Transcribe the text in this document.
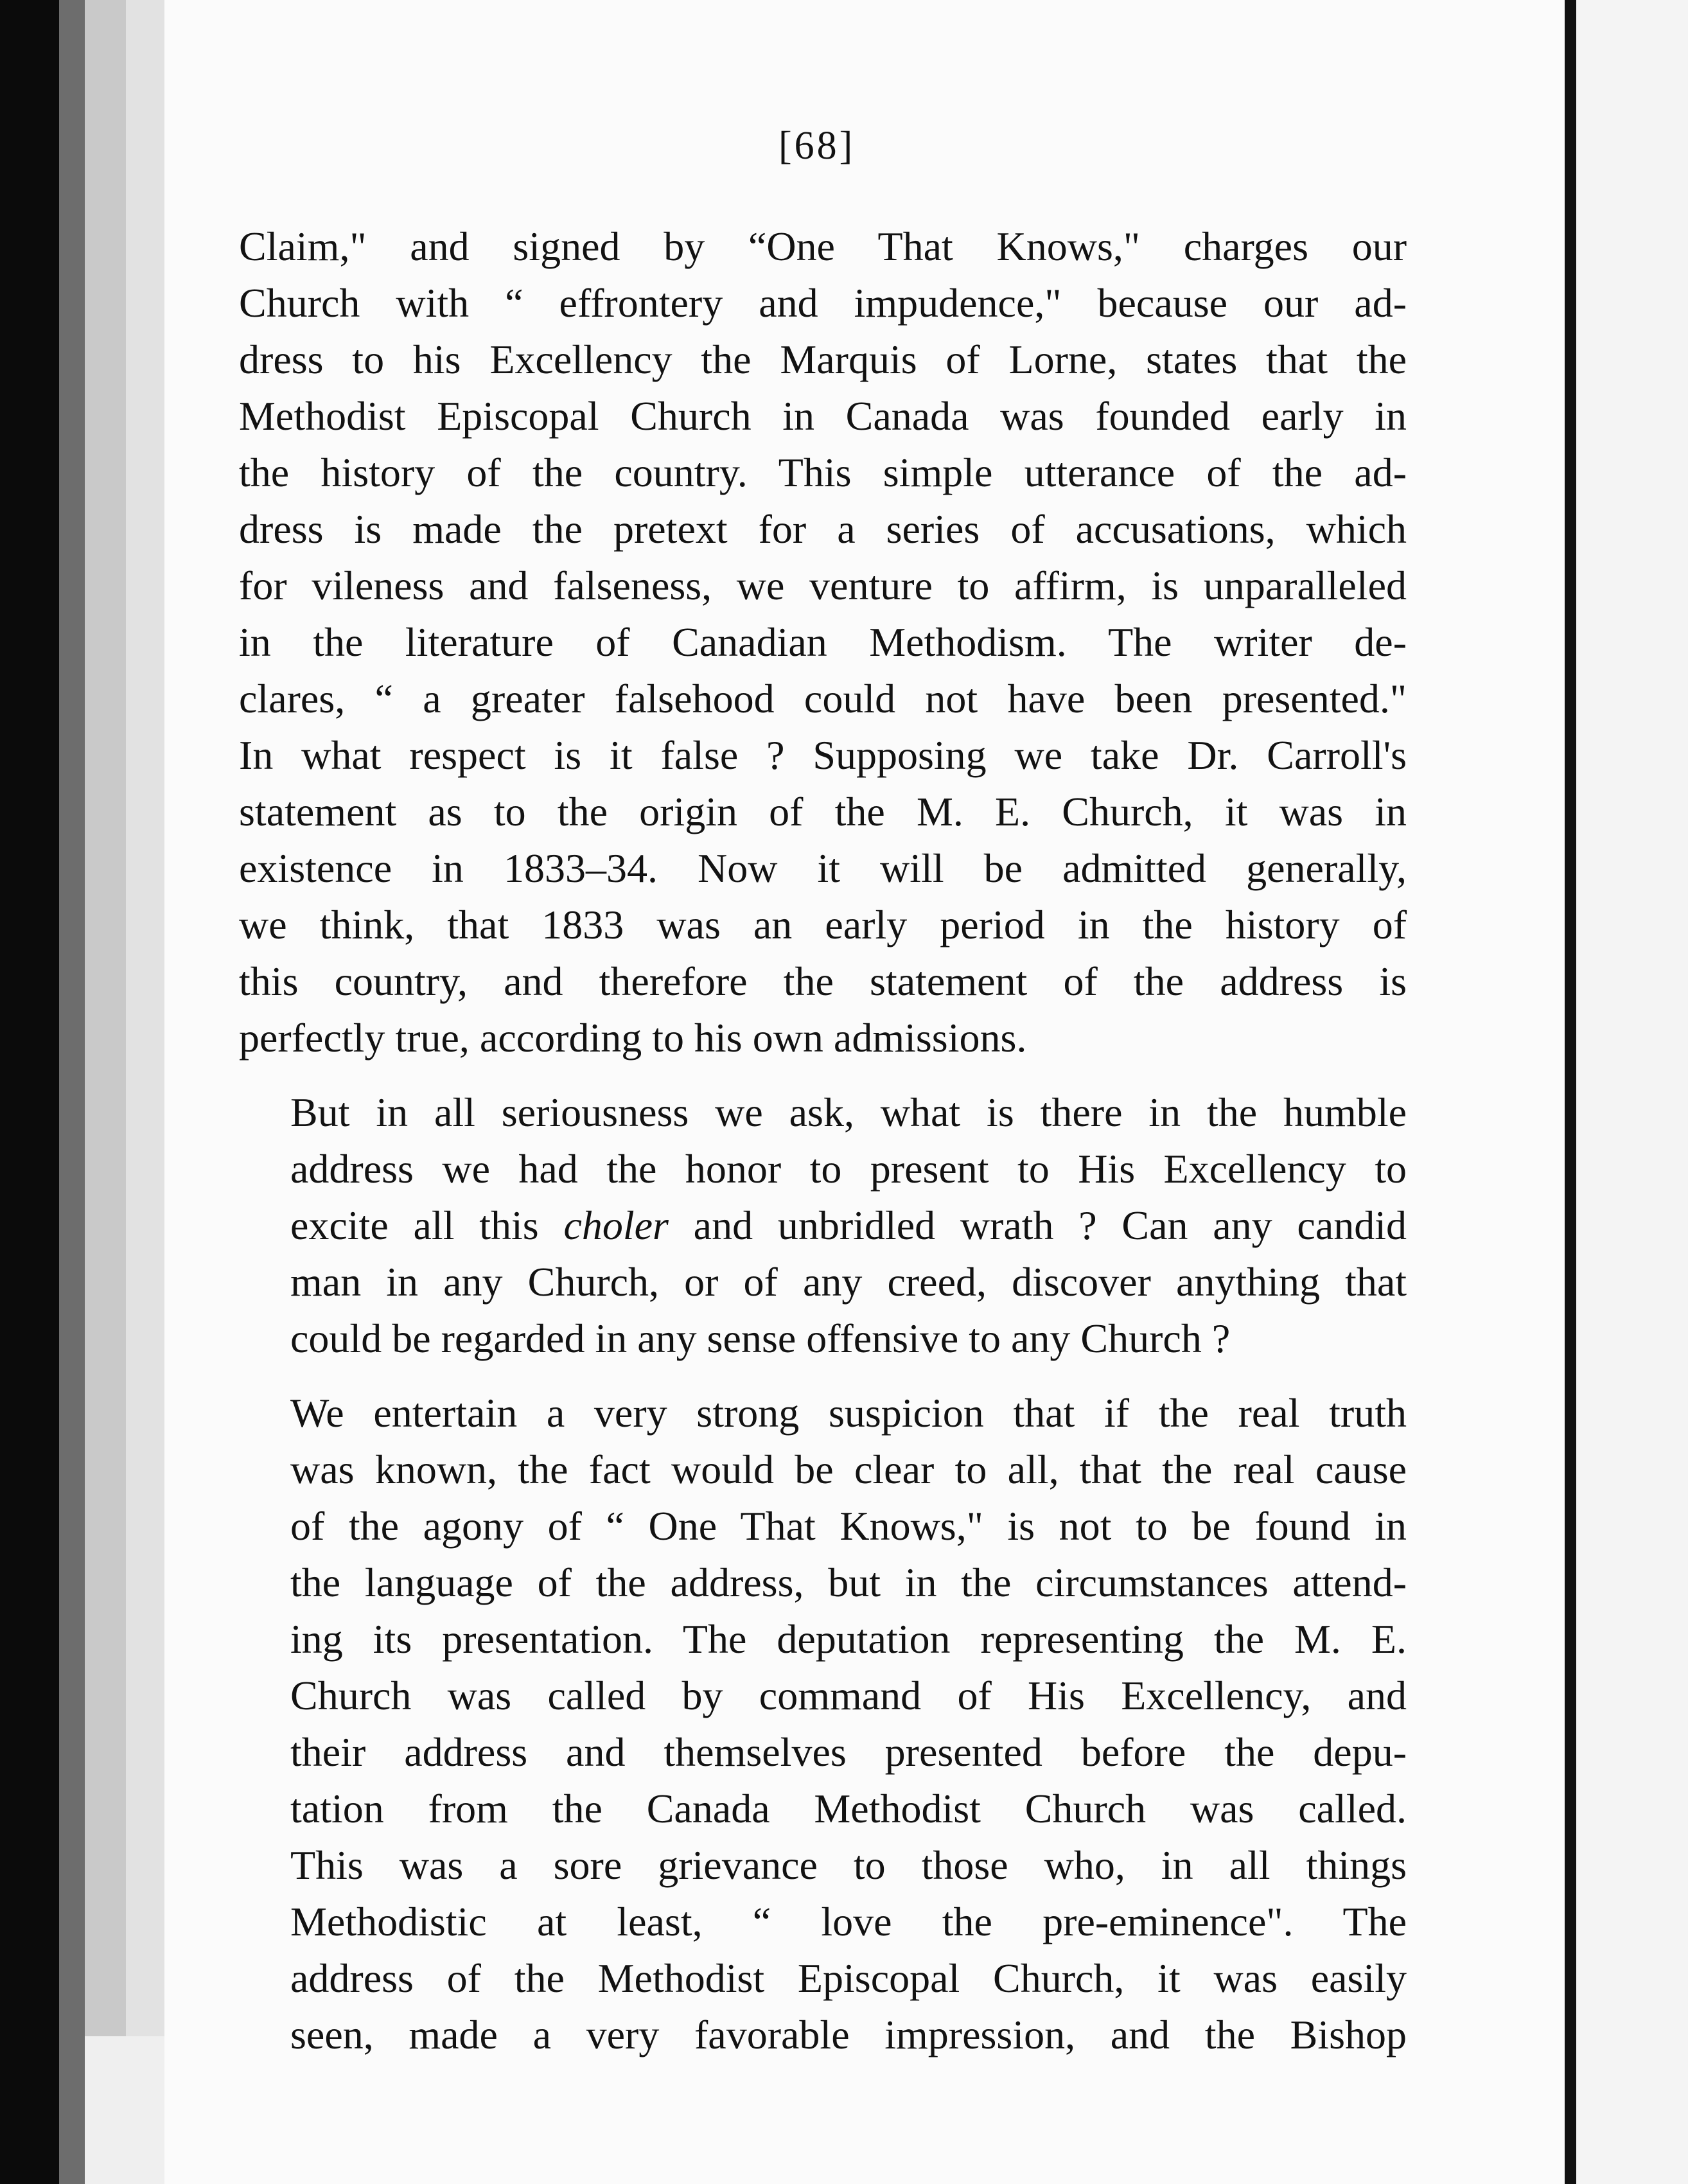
[68]

Claim," and signed by “One That Knows," charges our
Church with “ effrontery and impudence," because our ad-
dress to his Excellency the Marquis of Lorne, states that the
Methodist Episcopal Church in Canada was founded early in
the history of the country. This simple utterance of the ad-
dress is made the pretext for a series of accusations, which
for vileness and falseness, we venture to affirm, is unparalleled
in the literature of Canadian Methodism. The writer de-
clares, “ a greater falsehood could not have been presented."
In what respect is it false ? Supposing we take Dr. Carroll's
statement as to the origin of the M. E. Church, it was in
existence in 1833–34. Now it will be admitted generally,
we think, that 1833 was an early period in the history of
this country, and therefore the statement of the address is
perfectly true, according to his own admissions.

But in all seriousness we ask, what is there in the humble
address we had the honor to present to His Excellency to
excite all this choler and unbridled wrath ? Can any candid
man in any Church, or of any creed, discover anything that
could be regarded in any sense offensive to any Church ?

We entertain a very strong suspicion that if the real truth
was known, the fact would be clear to all, that the real cause
of the agony of “ One That Knows," is not to be found in
the language of the address, but in the circumstances attend-
ing its presentation. The deputation representing the M. E.
Church was called by command of His Excellency, and
their address and themselves presented before the depu-
tation from the Canada Methodist Church was called.
This was a sore grievance to those who, in all things
Methodistic at least, “ love the pre-eminence". The
address of the Methodist Episcopal Church, it was easily
seen, made a very favorable impression, and the Bishop
